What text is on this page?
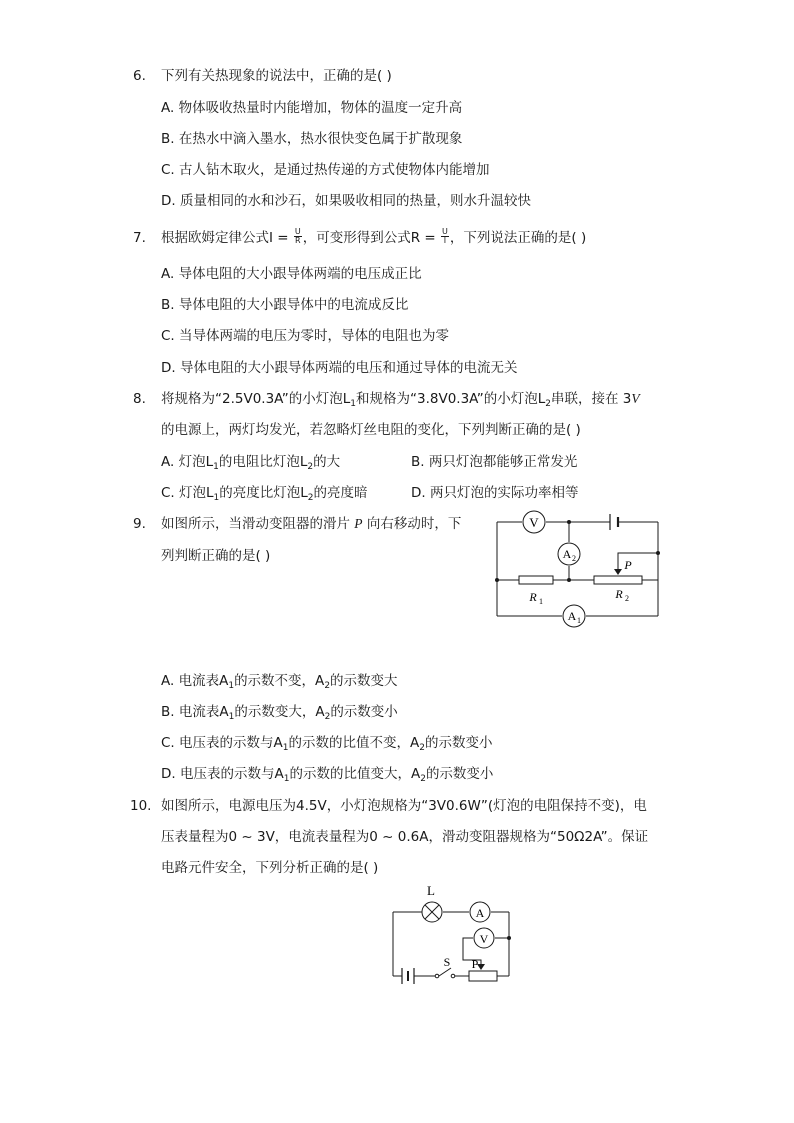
6. 下列有关热现象的说法中，正确的是( )
A. 物体吸收热量时内能增加，物体的温度一定升高
B. 在热水中滴入墨水，热水很快变色属于扩散现象
C. 古人钻木取火，是通过热传递的方式使物体内能增加
D. 质量相同的水和沙石，如果吸收相同的热量，则水升温较快
7. 根据欧姆定律公式$I = \frac{U}{R}$ ，可变形得到公式$R = \frac{U}{I}$ ，下列说法正确的是( )
A. 导体电阻的大小跟导体两端的电压成正比
B. 导体电阻的大小跟导体中的电流成反比
C. 当导体两端的电压为零时，导体的电阻也为零
D. 导体电阻的大小跟导体两端的电压和通过导体的电流无关
8. 将规格为“2.5V0.3A”的小灯泡$L_1$和规格为“3.8V0.3A”的小灯泡$L_2$串联，接在 3V
的电源上，两灯均发光，若忽略灯丝电阻的变化，下列判断正确的是( )
A. 灯泡$L_1$的电阻比灯泡$L_2$的大	B. 两只灯泡都能够正常发光
C. 灯泡$L_1$的亮度比灯泡$L_2$的亮度暗	D. 两只灯泡的实际功率相等
9. 如图所示，当滑动变阻器的滑片 P 向右移动时，下
列判断正确的是( )
V
A 2
R 1
P
R 2
A 1
A. 电流表$A_1$的示数不变，$A_2$的示数变大
B. 电流表$A_1$的示数变大，$A_2$的示数变小
C. 电压表的示数与$A_1$的示数的比值不变，$A_2$的示数变小
D. 电压表的示数与$A_1$的示数的比值变大，$A_2$的示数变小
10. 如图所示，电源电压为4.5V，小灯泡规格为“3V0.6W”(灯泡的电阻保持不变)，电
压表量程为0 ~ 3V，电流表量程为0 ~ 0.6A，滑动变阻器规格为“50Ω2A”。保证
电路元件安全，下列分析正确的是( )
L
A
V
S P
